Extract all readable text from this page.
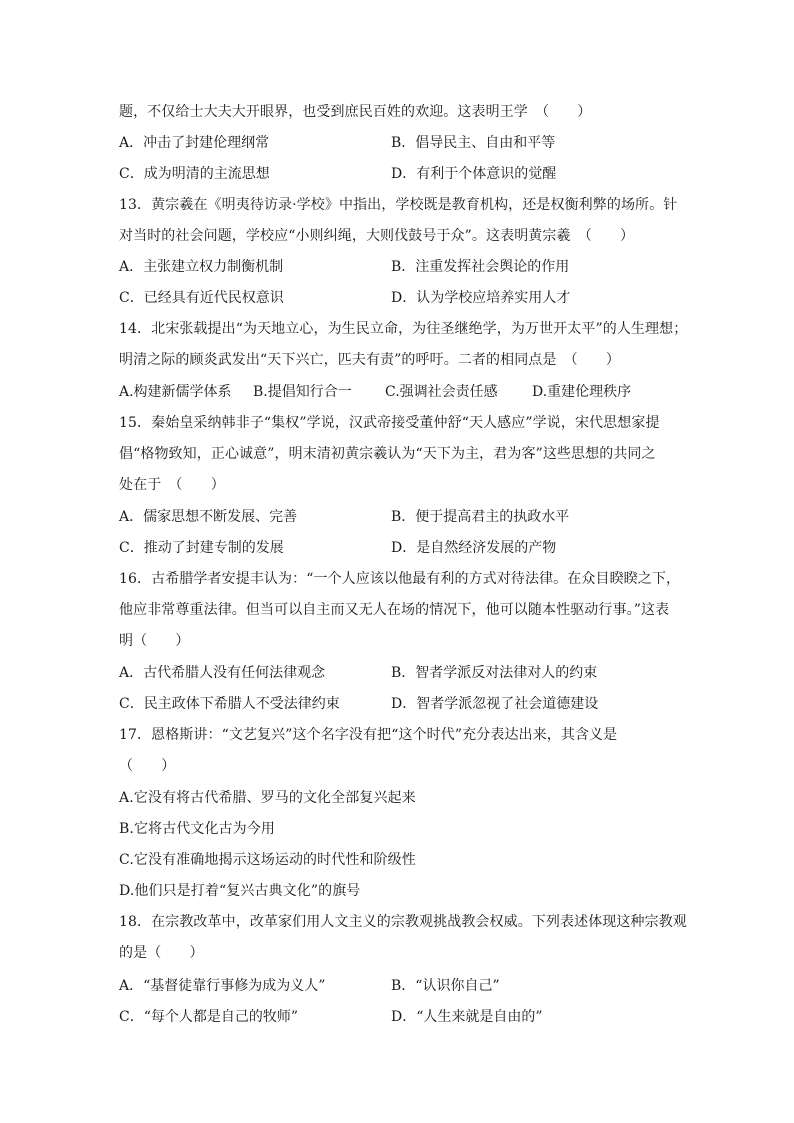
题，不仅给士大夫大开眼界，也受到庶民百姓的欢迎。这表明王学　（　　）
A．冲击了封建伦理纲常	B．倡导民主、自由和平等
C．成为明清的主流思想	D．有利于个体意识的觉醒
13．黄宗羲在《明夷待访录·学校》中指出，学校既是教育机构，还是权衡利弊的场所。针
对当时的社会问题，学校应“小则纠绳，大则伐鼓号于众”。这表明黄宗羲　（　　）
A．主张建立权力制衡机制	B．注重发挥社会舆论的作用
C．已经具有近代民权意识	D．认为学校应培养实用人才
14．北宋张载提出“为天地立心，为生民立命，为往圣继绝学，为万世开太平”的人生理想；
明清之际的顾炎武发出“天下兴亡，匹夫有责”的呼吁。二者的相同点是　（　　）
A.构建新儒学体系 B.提倡知行合一 C.强调社会责任感 D.重建伦理秩序
15．秦始皇采纳韩非子“集权”学说，汉武帝接受董仲舒“天人感应”学说，宋代思想家提
倡“格物致知，正心诚意”，明末清初黄宗羲认为“天下为主，君为客”这些思想的共同之
处在于　（　　）
A．儒家思想不断发展、完善	B．便于提高君主的执政水平
C．推动了封建专制的发展	D．是自然经济发展的产物
16．古希腊学者安提丰认为：“一个人应该以他最有利的方式对待法律。在众目睽睽之下，
他应非常尊重法律。但当可以自主而又无人在场的情况下，他可以随本性驱动行事。”这表
明（　　）
A．古代希腊人没有任何法律观念	B．智者学派反对法律对人的约束
C．民主政体下希腊人不受法律约束	D．智者学派忽视了社会道德建设
17．恩格斯讲：“文艺复兴”这个名字没有把“这个时代”充分表达出来，其含义是
（　　）
A.它没有将古代希腊、罗马的文化全部复兴起来
B.它将古代文化古为今用
C.它没有准确地揭示这场运动的时代性和阶级性
D.他们只是打着“复兴古典文化”的旗号
18．在宗教改革中，改革家们用人文主义的宗教观挑战教会权威。下列表述体现这种宗教观
的是（　　）
A．“基督徒靠行事修为成为义人”	B．“认识你自己”
C．“每个人都是自己的牧师”	D．“人生来就是自由的”
